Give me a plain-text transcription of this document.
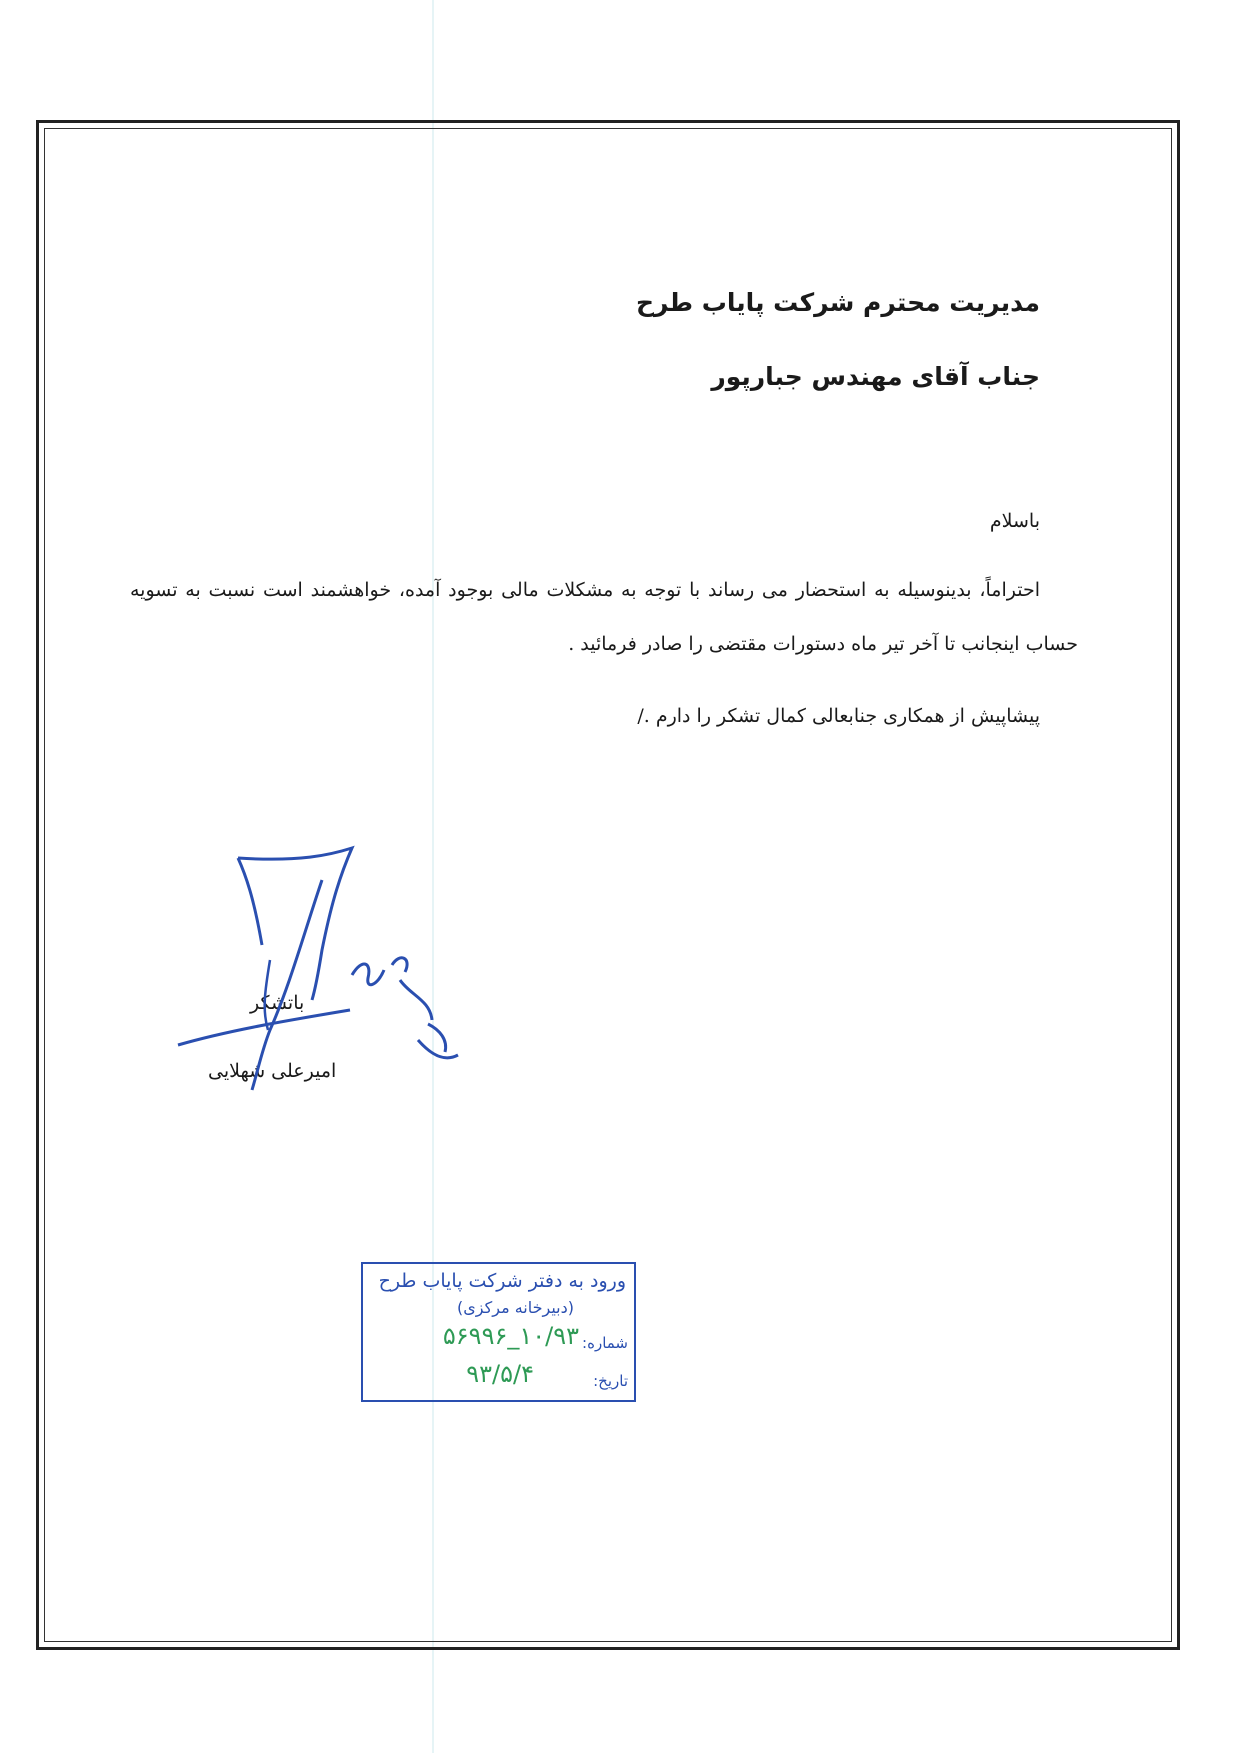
مدیریت محترم شرکت پایاب طرح
جناب آقای مهندس جبارپور
باسلام
احتراماً، بدینوسیله به استحضار می رساند با توجه به مشکلات مالی بوجود آمده، خواهشمند است نسبت به تسویه
حساب اینجانب تا آخر تیر ماه دستورات مقتضی را صادر فرمائید .
پیشاپیش از همکاری جنابعالی کمال تشکر را دارم ./
باتشکر
امیرعلی شهلایی
ورود به دفتر شرکت پایاب طرح
(دبیرخانه مرکزی)
شماره:
۱۰/۹۳_۵۶۹۹۶
تاریخ:
۹۳/۵/۴
